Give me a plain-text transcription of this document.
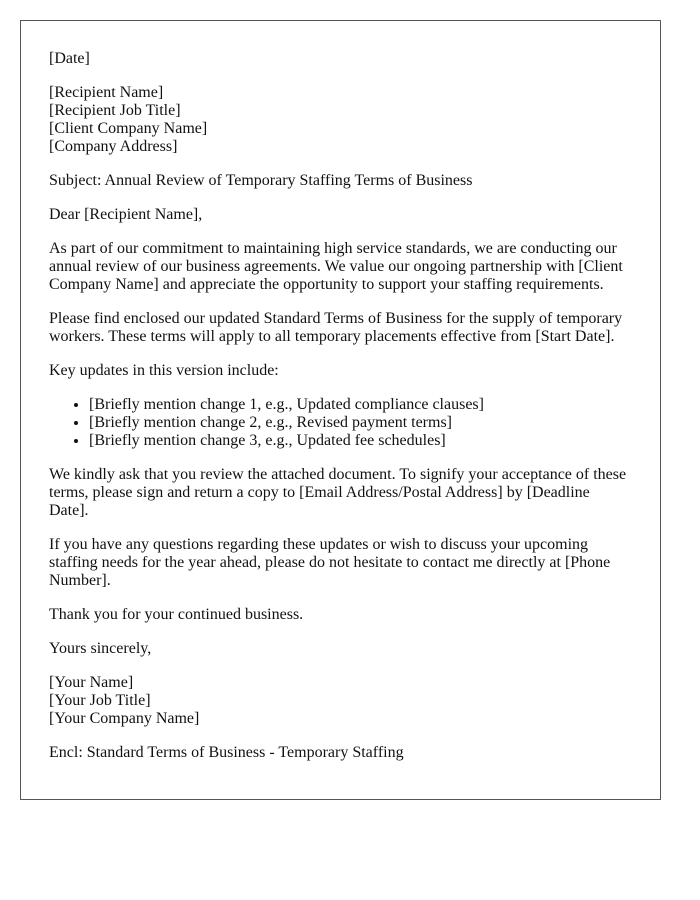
[Date]

[Recipient Name]
[Recipient Job Title]
[Client Company Name]
[Company Address]

Subject: Annual Review of Temporary Staffing Terms of Business

Dear [Recipient Name],

As part of our commitment to maintaining high service standards, we are conducting our annual review of our business agreements. We value our ongoing partnership with [Client Company Name] and appreciate the opportunity to support your staffing requirements.

Please find enclosed our updated Standard Terms of Business for the supply of temporary workers. These terms will apply to all temporary placements effective from [Start Date].

Key updates in this version include:

• [Briefly mention change 1, e.g., Updated compliance clauses]
• [Briefly mention change 2, e.g., Revised payment terms]
• [Briefly mention change 3, e.g., Updated fee schedules]

We kindly ask that you review the attached document. To signify your acceptance of these terms, please sign and return a copy to [Email Address/Postal Address] by [Deadline Date].

If you have any questions regarding these updates or wish to discuss your upcoming staffing needs for the year ahead, please do not hesitate to contact me directly at [Phone Number].

Thank you for your continued business.

Yours sincerely,

[Your Name]
[Your Job Title]
[Your Company Name]

Encl: Standard Terms of Business - Temporary Staffing
